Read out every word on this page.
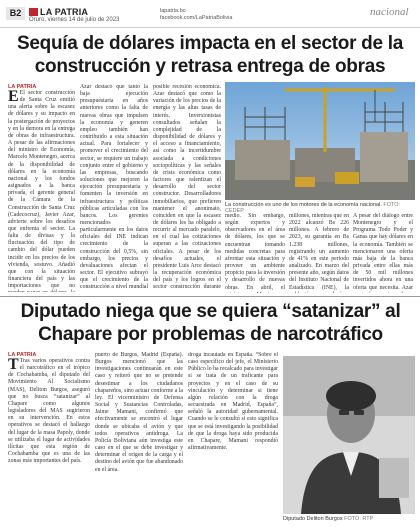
B2	LA PATRIA
Oruro, viernes 14 de julio de 2023
lapatria.bo
facebook.com/LaPatriaBolivia	nacional
Sequía de dólares impacta en el sector de la construcción y retrasa entrega de obras
LA PATRIA
E El sector construcción de Santa Cruz emitió una alerta sobre la escasez de dólares y su impacto en la postergación de proyectos y en la demora en la entrega de obras de infraestructura. A pesar de las afirmaciones del ministro de Economía, Marcelo Montenegro, acerca de la disponibilidad de dólares en la economía nacional y los fondos asignados a la banca privada, el gerente general de la Cámara de la Construcción de Santa Cruz (Cadecocruz), Javier Azar, advierte sobre los desafíos que enfrenta el sector. La falta de divisas y la fluctuación del tipo de cambio del dólar pueden incidir en los precios de los vivienda, sostuvo. Añadió que con la situación financiera del país y las importaciones que no
Azar destacó que tanto la baja ejecución presupuestaria en años anteriores como la falta de nuevas obras que impulsen la economía y generen empleo también han contribuido a esta situación actual. Para fortalecer y promover el crecimiento del sector, se requiere un trabajo conjunto entre el gobierno y las empresas, buscando soluciones que mejoren la ejecución presupuestaria y fomenten la inversión en infraestructura y políticas públicas articuladas con los bancos. Los gerentes mencionados particularmente en los datos oficiales del INE indican crecimiento de la construcción del 0,5%, sin embargo, los precios y devaluaciones afectan el sector. El ejecutivo subrayó que el crecimiento de la construcción a nivel mundial
posible recesión económica. Azar destacó que como la variación de los precios de la energía y las altas tasas de interés. Inversionistas consultados señalan la complejidad de la disponibilidad de dólares y el acceso a financiamiento, así como la incertidumbre asociada a condiciones sociopolíticas y las señales de crisis económica como factores que ralentizan el desarrollo del sector constructor. Desarrolladores inmobiliarios, que prefieren mantener el anonimato, coinciden en que la escasez de dólares les ha obligado a recurrir al mercado paralelo, en el cual las cotizaciones superan a las cotizaciones oficiales. A pesar de los desafíos actuales, el presidente Luis Arce destacó la recuperación económica del país y los logros en el sector construcción durante
La construcción es uno de los motores de la economía nacional. FOTO: CEDEP
medio. Sin embargo, según expertos y observadores en el área de dólares, los que se encuentran tomando medidas concretas para afrontar esta situación y proveer un ambiente propicio para la inversión y desarrollo de nuevas obras. En abril, el
millones, mientras que en 2022 alcanzó Bs 226 millones. A febrero de 2023, su garantía en Bs 1.238 millones, registrando un aumento de 41% en este periodo analizado. En marzo del presente año, según datos del Instituto Nacional de Estadística (INE), la
A pesar del diálogo entre Montenegro y el Programa Todo Poder y Ganas que hay dólares en la economía. También se mencionaron una oferta más baja de la banca privada entre ellas más de 50 mil millones invertidos ahora en una oferta que necesita. Azar
Diputado niega que se quiera “satanizar” al Chapare por problemas de narcotráfico
LA PATRIA
T Tras varios operativos contra el narcotráfico en el trópico de Cochabamba, el diputado del Movimiento Al Socialismo (MAS), Deliton Burgos, aseguró que no busca “satanizar” al Chapare como algunos legisladores del MAS sugirieron en su intervención. En estos operativos se destacó el hallazgo del lugar de la masa Papoly, donde se utilizaba el lugar de actividades ilícitas que esta región de Cochabamba que es una de las zonas más importantes del país.
puerto de Burgos, Madrid (España). Burgos mencionó que las investigaciones continuarán en este caso y reiteró que no se pretende desestimar a los ciudadanos chapareños, sino actuar conforme a la ley. El vicerministro de Defensa Social y Sustancias Controladas, Jaime Mamani, confirmó que efectivamente se encontró el lugar donde se ubicaba el avión y que todos operativos antidroga. La Policía Boliviana aún investiga este caso en el que se debe investigar y determinar el origen de la carga y el destino del avión que fue abandonado en el área.
droga incautada en España. “Sobre el caso específico del jefe, el Ministerio Público lo ha recalcado para investigar si se trata de un traficante para proyectos y en el caso de su vinculación y determinar si tiene algún relación con la droga secuestrada en Madrid, España”, señaló la autoridad gubernamental. Cuando se le consultó si esto significa que se está investigando la posibilidad de que la droga haya sido producida en Chapare, Mamani respondió afirmativamente.
Diputado Deliton Burgos FOTO: RTP
